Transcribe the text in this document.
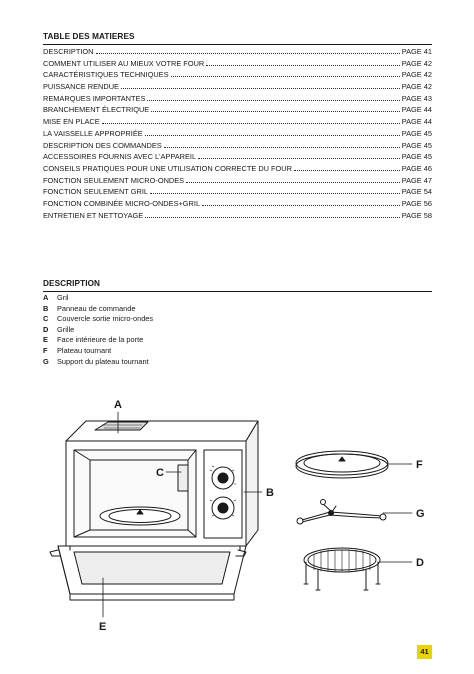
TABLE DES MATIERES
DESCRIPTION	PAGE 41
COMMENT UTILISER AU MIEUX VOTRE FOUR	PAGE 42
CARACTÉRISTIQUES TECHNIQUES	PAGE 42
PUISSANCE RENDUE	PAGE 42
REMARQUES IMPORTANTES	PAGE 43
BRANCHEMENT ÉLECTRIQUE	PAGE 44
MISE EN PLACE	PAGE 44
LA VAISSELLE APPROPRIÉE	PAGE 45
DESCRIPTION DES COMMANDES	PAGE 45
ACCESSOIRES FOURNIS AVEC L'APPAREIL	PAGE 45
CONSEILS PRATIQUES POUR UNE UTILISATION CORRECTE DU FOUR	PAGE 46
FONCTION SEULEMENT MICRO-ONDES	PAGE 47
FONCTION SEULEMENT GRIL	PAGE 54
FONCTION COMBINÉE MICRO-ONDES+GRIL	PAGE 56
ENTRETIEN ET NETTOYAGE	PAGE 58
DESCRIPTION
A Gril
B Panneau de commande
C Couvercle sortie micro-ondes
D Grille
E Face intérieure de la porte
F Plateau tournant
G Support du plateau tournant
A
C
B
F
G
D
E
41
